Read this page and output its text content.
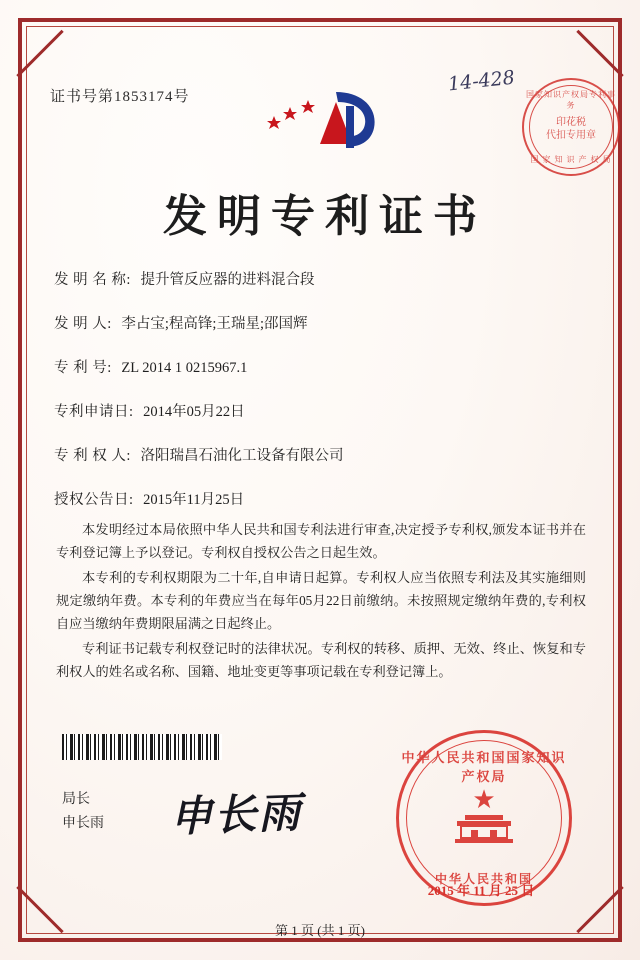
证书号第1853174号
14-428 国家知识产权局专利事务
印花税
代扣专用章
国 家 知 识 产 权 局
发明专利证书
发 明 名 称: 提升管反应器的进料混合段
发 明 人: 李占宝;程高锋;王瑞星;邵国辉
专 利 号: ZL 2014 1 0215967.1
专利申请日: 2014年05月22日
专 利 权 人: 洛阳瑞昌石油化工设备有限公司
授权公告日: 2015年11月25日

本发明经过本局依照中华人民共和国专利法进行审查,决定授予专利权,颁发本证书并在专利登记簿上予以登记。专利权自授权公告之日起生效。

本专利的专利权期限为二十年,自申请日起算。专利权人应当依照专利法及其实施细则规定缴纳年费。本专利的年费应当在每年05月22日前缴纳。未按照规定缴纳年费的,专利权自应当缴纳年费期限届满之日起终止。

专利证书记载专利权登记时的法律状况。专利权的转移、质押、无效、终止、恢复和专利权人的姓名或名称、国籍、地址变更等事项记载在专利登记簿上。

局长
申长雨 申长雨
中华人民共和国国家知识产权局
★
中华人民共和国
2015 年 11 月 25 日
第 1 页 (共 1 页)
